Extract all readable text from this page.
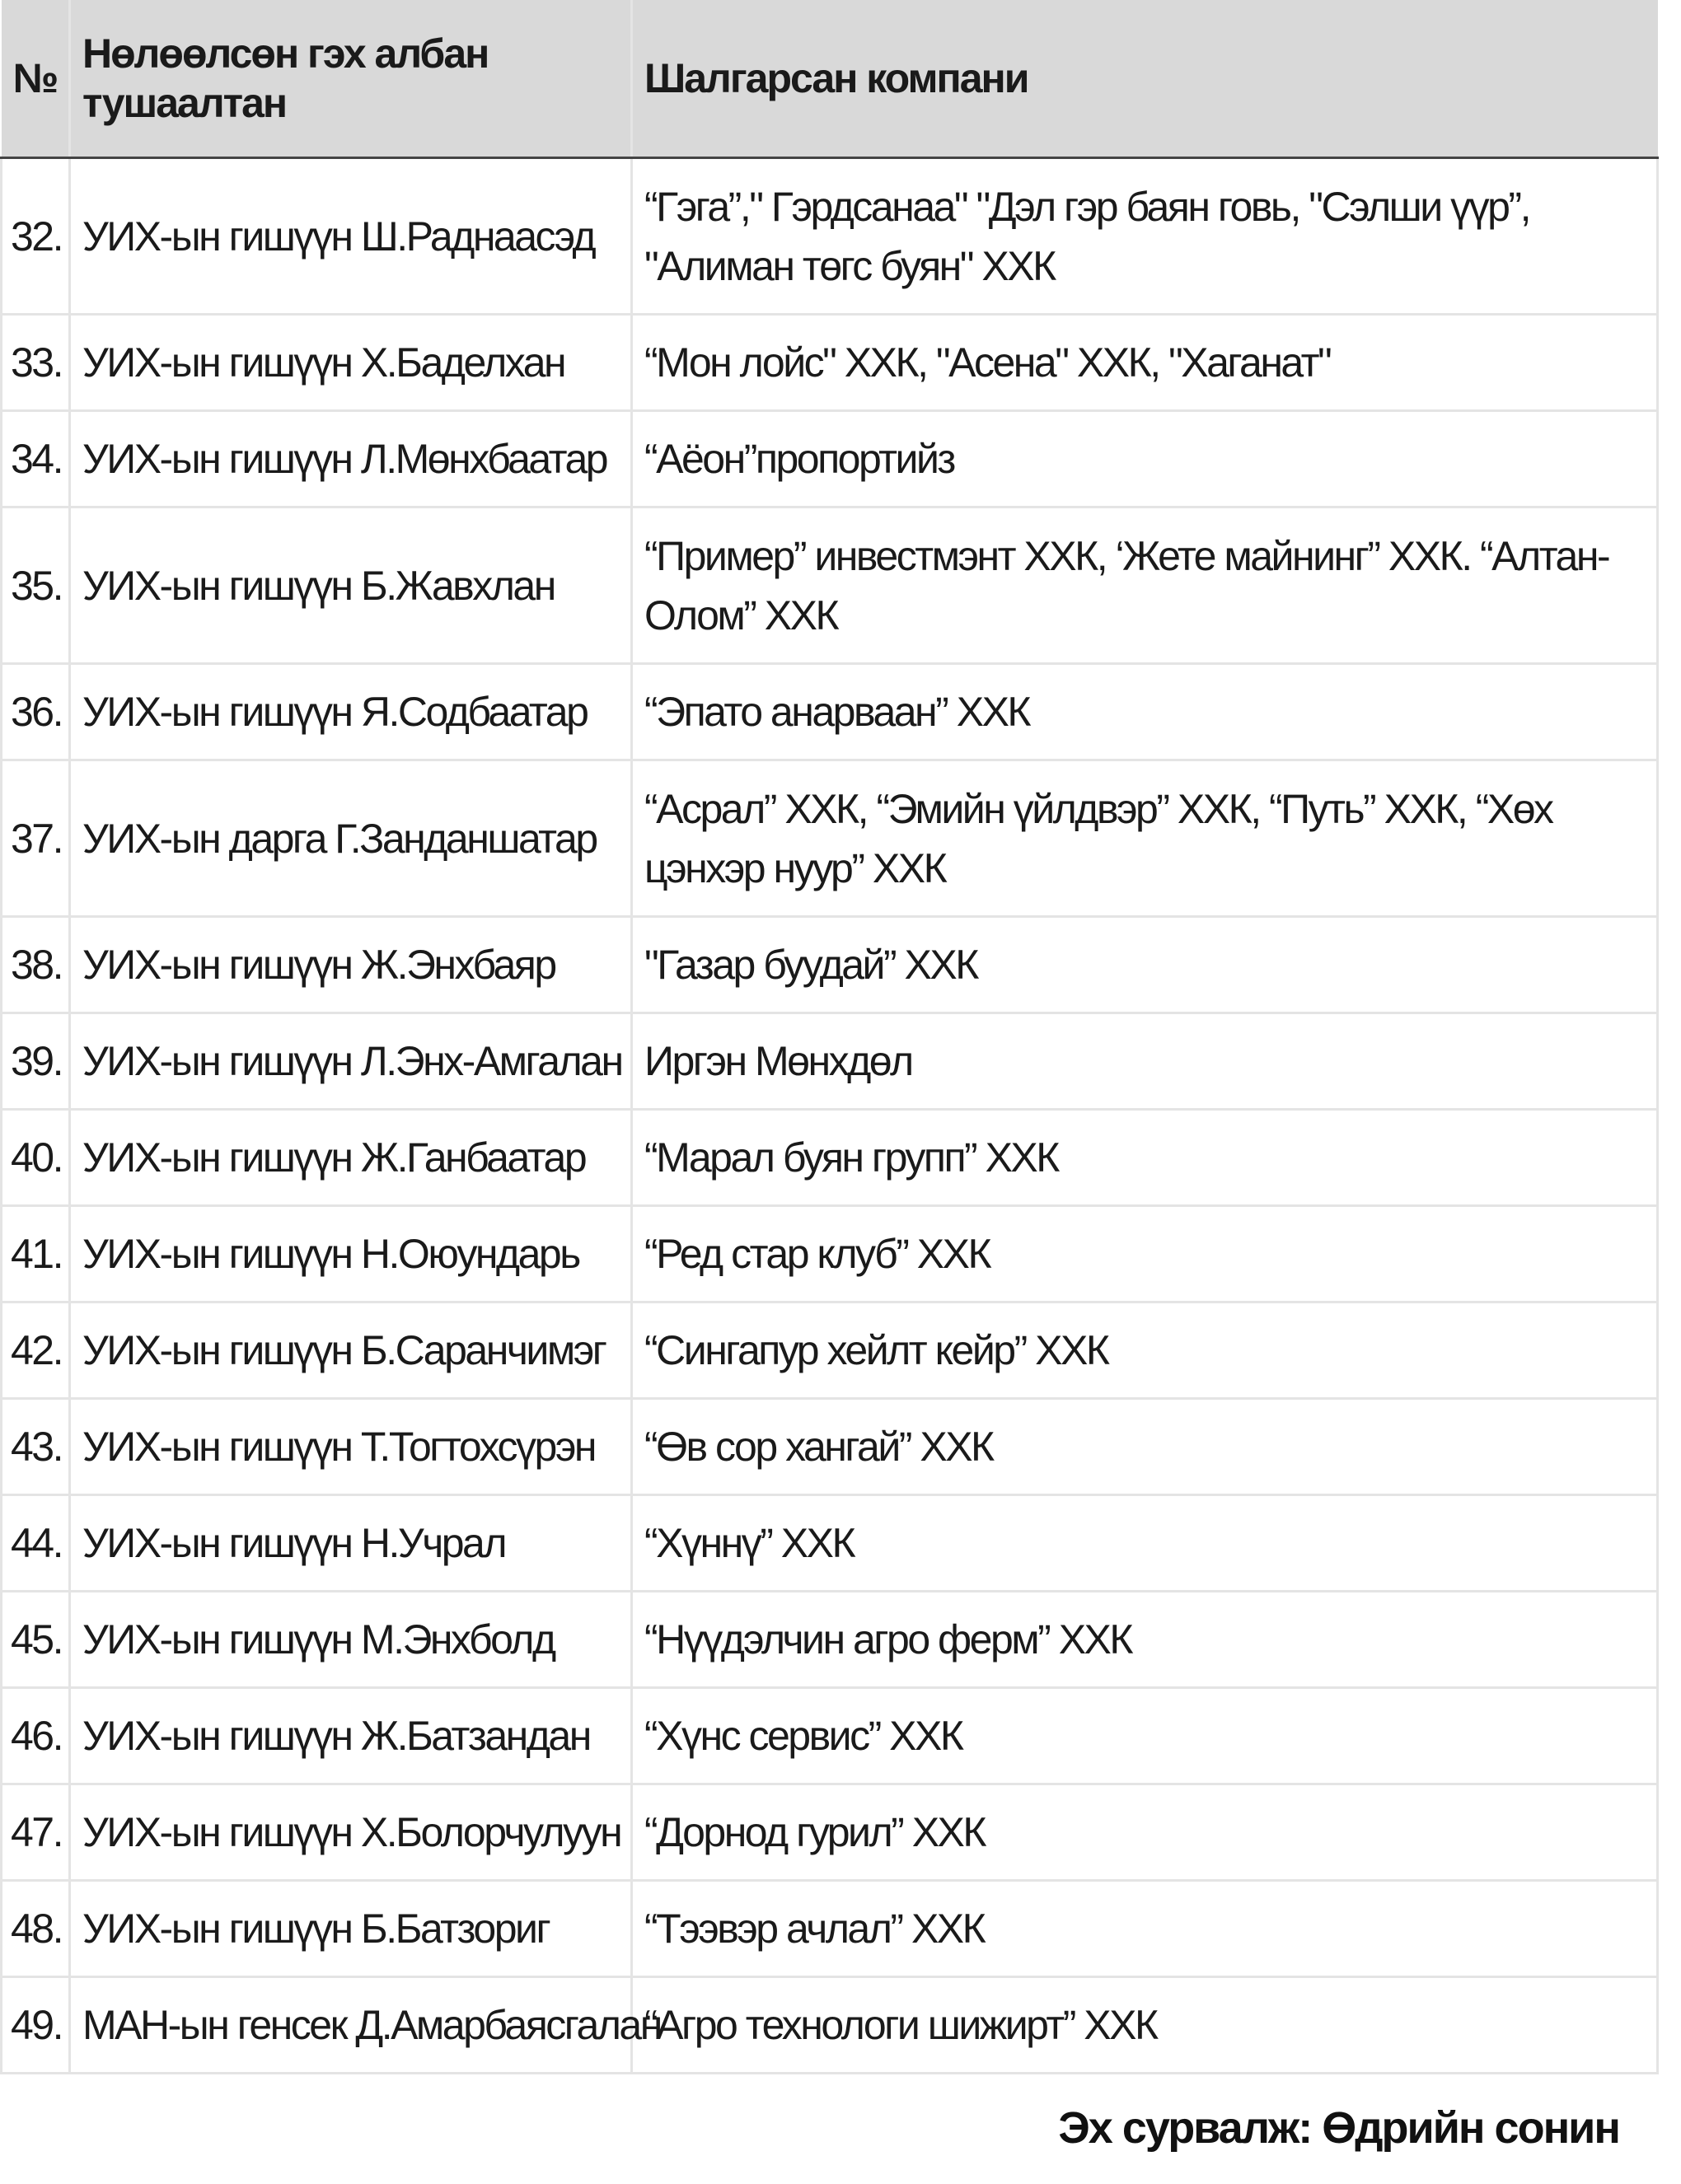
№	Нөлөөлсөн гэх албан тушаалтан	Шалгарсан компани
32.	УИХ-ын гишүүн Ш.Раднаасэд	“Гэга”," Гэрдсанаа" "Дэл гэр баян говь, "Сэлши үүр”, "Алиман төгс буян" ХХК
33.	УИХ-ын гишүүн Х.Баделхан	“Мон лойс" ХХК, "Асена" ХХК, "Хаганат"
34.	УИХ-ын гишүүн Л.Мөнхбаатар	“Аёон”пропортийз
35.	УИХ-ын гишүүн Б.Жавхлан	“Пример” инвестмэнт ХХК, ‘Жете майнинг” ХХК. “Алтан-Олом” ХХК
36.	УИХ-ын гишүүн Я.Содбаатар	“Эпато анарваан” ХХК
37.	УИХ-ын дарга Г.Занданшатар	“Асрал” ХХК, “Эмийн үйлдвэр” ХХК, “Путь” ХХК, “Хөх цэнхэр нуур” ХХК
38.	УИХ-ын гишүүн Ж.Энхбаяр	"Газар буудай” ХХК
39.	УИХ-ын гишүүн Л.Энх-Амгалан	Иргэн Мөнхдөл
40.	УИХ-ын гишүүн Ж.Ганбаатар	“Марал буян групп” ХХК
41.	УИХ-ын гишүүн Н.Оюундарь	“Ред стар клуб” ХХК
42.	УИХ-ын гишүүн Б.Саранчимэг	“Сингапур хейлт кейр” ХХК
43.	УИХ-ын гишүүн Т.Тогтохсүрэн	“Өв сор хангай” ХХК
44.	УИХ-ын гишүүн Н.Учрал	“Хүннү” ХХК
45.	УИХ-ын гишүүн М.Энхболд	“Нүүдэлчин агро ферм” ХХК
46.	УИХ-ын гишүүн Ж.Батзандан	“Хүнс сервис” ХХК
47.	УИХ-ын гишүүн Х.Болорчулуун	“Дорнод гурил” ХХК
48.	УИХ-ын гишүүн Б.Батзориг	“Тээвэр ачлал” ХХК
49.	МАН-ын генсек Д.Амарбаясгалан	“Агро технологи шижирт” ХХК
Эх сурвалж: Өдрийн сонин
